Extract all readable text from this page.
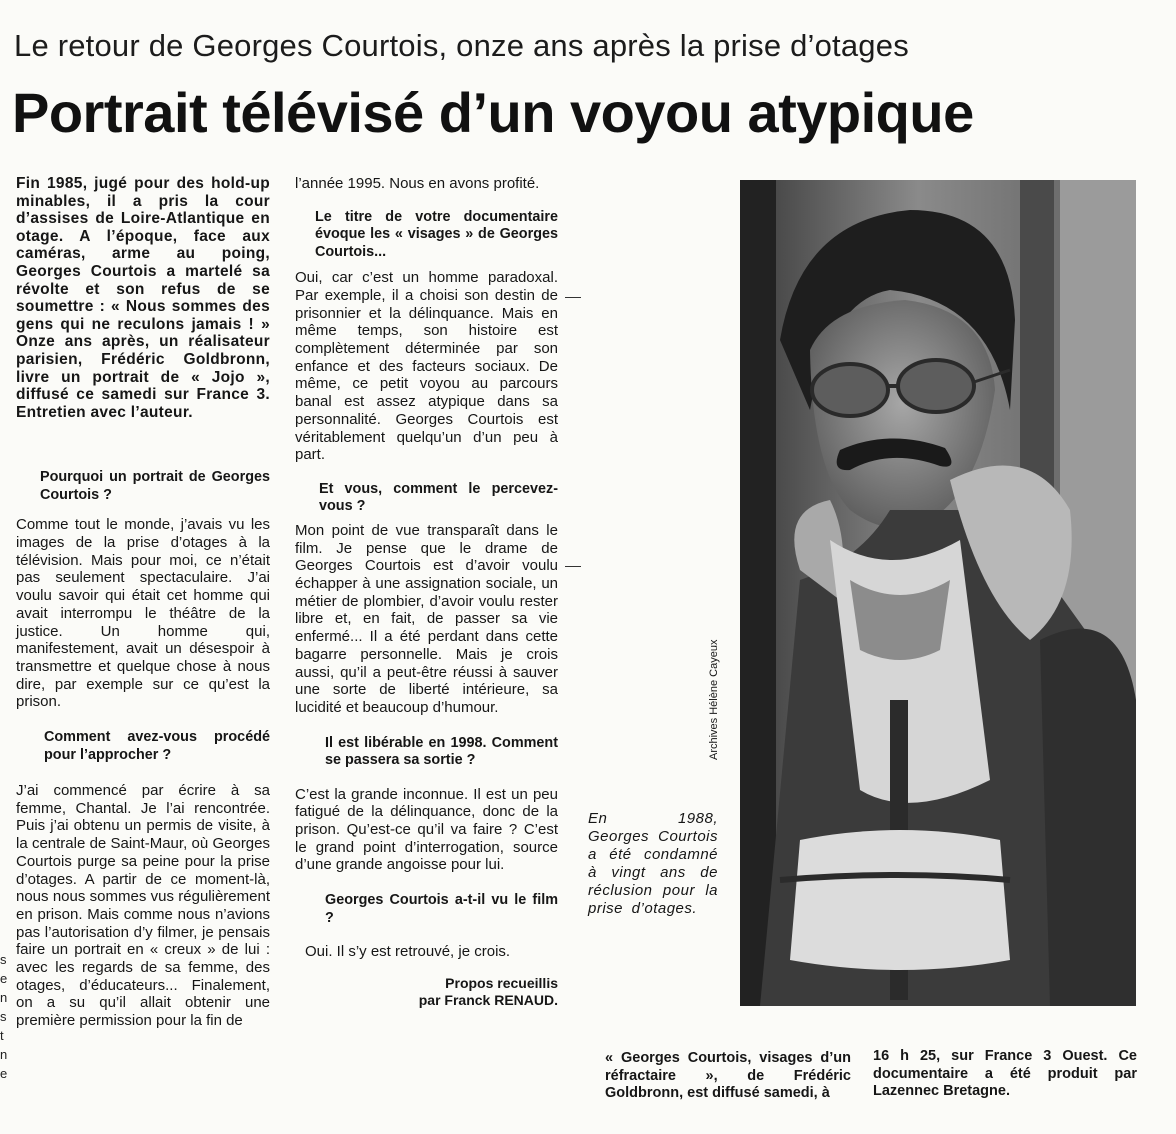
Le retour de Georges Courtois, onze ans après la prise d’otages
Portrait télévisé d’un voyou atypique

Fin 1985, jugé pour des hold-up minables, il a pris la cour d’assises de Loire-Atlantique en otage. A l’époque, face aux caméras, arme au poing, Georges Courtois a martelé sa révolte et son refus de se soumettre : « Nous sommes des gens qui ne reculons jamais ! » Onze ans après, un réalisateur parisien, Frédéric Goldbronn, livre un portrait de « Jojo », diffusé ce samedi sur France 3. Entretien avec l’auteur.

Pourquoi un portrait de Georges Courtois ?

Comme tout le monde, j’avais vu les images de la prise d’otages à la télévision. Mais pour moi, ce n’était pas seulement spectaculaire. J’ai voulu savoir qui était cet homme qui avait interrompu le théâtre de la justice. Un homme qui, manifestement, avait un désespoir à transmettre et quelque chose à nous dire, par exemple sur ce qu’est la prison.

Comment avez-vous procédé pour l’approcher ?

J’ai commencé par écrire à sa femme, Chantal. Je l’ai rencontrée. Puis j’ai obtenu un permis de visite, à la centrale de Saint-Maur, où Georges Courtois purge sa peine pour la prise d’otages. A partir de ce moment-là, nous nous sommes vus régulièrement en prison. Mais comme nous n’avions pas l’autorisation d’y filmer, je pensais faire un portrait en « creux » de lui : avec les regards de sa femme, des otages, d’éducateurs... Finalement, on a su qu’il allait obtenir une première permission pour la fin de

l’année 1995. Nous en avons profité.

Le titre de votre documentaire évoque les « visages » de Georges Courtois...

Oui, car c’est un homme paradoxal. Par exemple, il a choisi son destin de prisonnier et la délinquance. Mais en même temps, son histoire est complètement déterminée par son enfance et des facteurs sociaux. De même, ce petit voyou au parcours banal est assez atypique dans sa personnalité. Georges Courtois est véritablement quelqu’un d’un peu à part.

Et vous, comment le percevez-vous ?

Mon point de vue transparaît dans le film. Je pense que le drame de Georges Courtois est d’avoir voulu échapper à une assignation sociale, un métier de plombier, d’avoir voulu rester libre et, en fait, de passer sa vie enfermé... Il a été perdant dans cette bagarre personnelle. Mais je crois aussi, qu’il a peut-être réussi à sauver une sorte de liberté intérieure, sa lucidité et beaucoup d’humour.

Il est libérable en 1998. Comment se passera sa sortie ?

C’est la grande inconnue. Il est un peu fatigué de la délinquance, donc de la prison. Qu’est-ce qu’il va faire ? C’est le grand point d’interrogation, source d’une grande angoisse pour lui.

Georges Courtois a-t-il vu le film ?

Oui. Il s’y est retrouvé, je crois.

Propos recueillis

par Franck RENAUD.

Archives Hélène Cayeux
En 1988, Georges Courtois a été condamné à vingt ans de réclusion pour la prise d’otages.
« Georges Courtois, visages d’un réfractaire », de Frédéric Goldbronn, est diffusé samedi, à
16 h 25, sur France 3 Ouest. Ce documentaire a été produit par Lazennec Bretagne.
s
e
n
s
t
n
e
